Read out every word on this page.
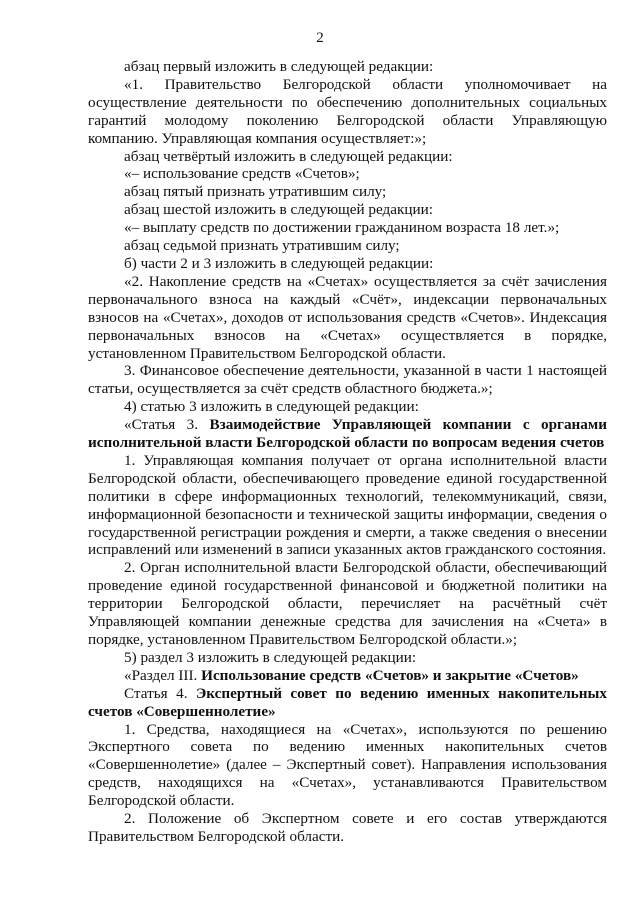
2

абзац первый изложить в следующей редакции:

«1. Правительство Белгородской области уполномочивает на осуществление деятельности по обеспечению дополнительных социальных гарантий молодому поколению Белгородской области Управляющую компанию. Управляющая компания осуществляет:»;

абзац четвёртый изложить в следующей редакции:

«– использование средств «Счетов»;

абзац пятый признать утратившим силу;

абзац шестой изложить в следующей редакции:

«– выплату средств по достижении гражданином возраста 18 лет.»;

абзац седьмой признать утратившим силу;

б) части 2 и 3 изложить в следующей редакции:

«2. Накопление средств на «Счетах» осуществляется за счёт зачисления первоначального взноса на каждый «Счёт», индексации первоначальных взносов на «Счетах», доходов от использования средств «Счетов». Индексация первоначальных взносов на «Счетах» осуществляется в порядке, установленном Правительством Белгородской области.

3. Финансовое обеспечение деятельности, указанной в части 1 настоящей статьи, осуществляется за счёт средств областного бюджета.»;

4) статью 3 изложить в следующей редакции:

«Статья 3. Взаимодействие Управляющей компании с органами исполнительной власти Белгородской области по вопросам ведения счетов

1. Управляющая компания получает от органа исполнительной власти Белгородской области, обеспечивающего проведение единой государственной политики в сфере информационных технологий, телекоммуникаций, связи, информационной безопасности и технической защиты информации, сведения о государственной регистрации рождения и смерти, а также сведения о внесении исправлений или изменений в записи указанных актов гражданского состояния.

2. Орган исполнительной власти Белгородской области, обеспечивающий проведение единой государственной финансовой и бюджетной политики на территории Белгородской области, перечисляет на расчётный счёт Управляющей компании денежные средства для зачисления на «Счета» в порядке, установленном Правительством Белгородской области.»;

5) раздел 3 изложить в следующей редакции:

«Раздел III. Использование средств «Счетов» и закрытие «Счетов»

Статья 4. Экспертный совет по ведению именных накопительных счетов «Совершеннолетие»

1. Средства, находящиеся на «Счетах», используются по решению Экспертного совета по ведению именных накопительных счетов «Совершеннолетие» (далее – Экспертный совет). Направления использования средств, находящихся на «Счетах», устанавливаются Правительством Белгородской области.

2. Положение об Экспертном совете и его состав утверждаются Правительством Белгородской области.
